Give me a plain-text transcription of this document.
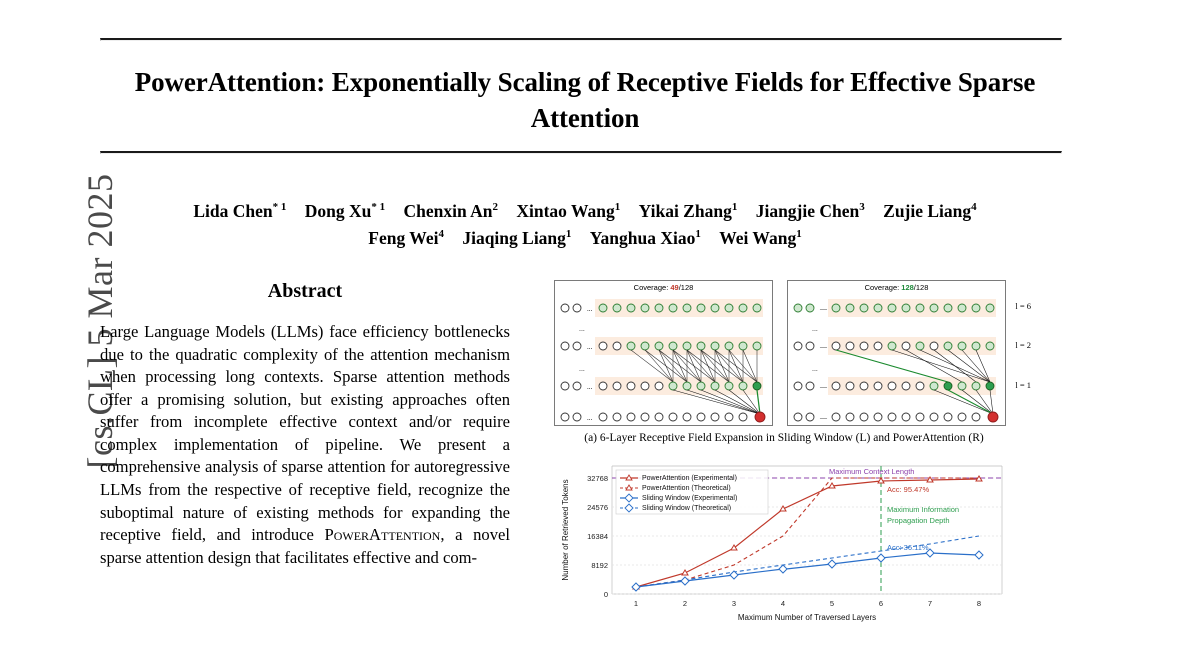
[cs.CL] 5 Mar 2025
PowerAttention: Exponentially Scaling of Receptive Fields for Effective Sparse Attention
Lida Chen$^{* 1}$ Dong Xu$^{* 1}$ Chenxin An$^2$ Xintao Wang$^1$ Yikai Zhang$^1$ Jiangjie Chen$^3$ Zujie Liang$^4$
Feng Wei$^4$ Jiaqing Liang$^1$ Yanghua Xiao$^1$ Wei Wang$^1$
Abstract
Large Language Models (LLMs) face efficiency bottlenecks due to the quadratic complexity of the attention mechanism when processing long contexts. Sparse attention methods offer a promising solution, but existing approaches often suffer from incomplete effective context and/or require complex implementation of pipeline. We present a comprehensive analysis of sparse attention for autoregressive LLMs from the respective of receptive field, recognize the suboptimal nature of existing methods for expanding the receptive field, and introduce PowerAttention, a novel sparse attention design that facilitates effective and com-
Coverage: 49/128
...
...
...
...
...
...
Coverage: 128/128
...
...
—
—
—
—
l = 6
l = 2
l = 1
(a) 6-Layer Receptive Field Expansion in Sliding Window (L) and PowerAttention (R)
0
8192
16384
24576
32768
1	2	3	4	5	6	7	8
Maximum Number of Traversed Layers
Number of Retrieved Tokens
Maximum Context Length
Maximum Information
Propagation Depth
Acc: 95.47%
Acc: 36.11%
PowerAttention (Experimental)
PowerAttention (Theoretical)
Sliding Window (Experimental)
Sliding Window (Theoretical)
